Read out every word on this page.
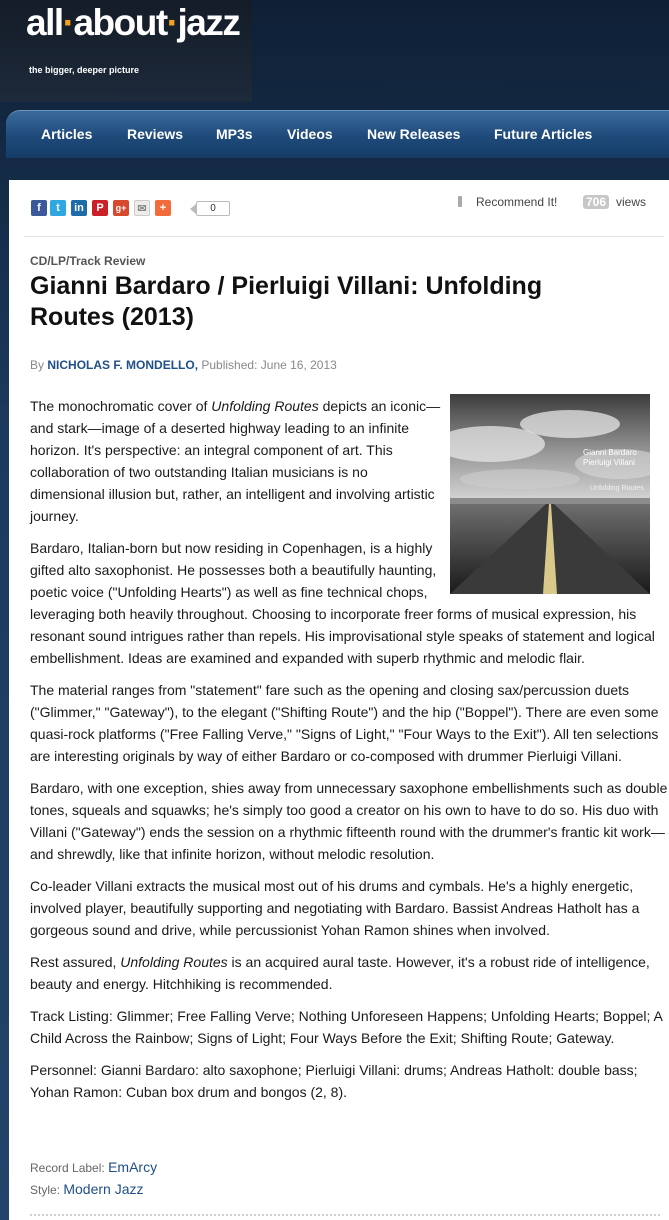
all·about·jazz
the bigger, deeper picture
Articles Reviews MP3s Videos New Releases Future Articles
f	t	in	P	g+	✉	+	0	Recommend It! 706 views
CD/LP/Track Review
Gianni Bardaro / Pierluigi Villani: Unfolding Routes (2013)
By NICHOLAS F. MONDELLO, Published: June 16, 2013
Gianni Bardaro
Pierluigi Villani
Unfolding Routes

The monochromatic cover of Unfolding Routes depicts an iconic—and stark—image of a deserted highway leading to an infinite horizon. It's perspective: an integral component of art. This collaboration of two outstanding Italian musicians is no dimensional illusion but, rather, an intelligent and involving artistic journey.

Bardaro, Italian-born but now residing in Copenhagen, is a highly gifted alto saxophonist. He possesses both a beautifully haunting, poetic voice ("Unfolding Hearts") as well as fine technical chops,
leveraging both heavily throughout. Choosing to incorporate freer forms of musical expression, his resonant sound intrigues rather than repels. His improvisational style speaks of statement and logical embellishment. Ideas are examined and expanded with superb rhythmic and melodic flair.

The material ranges from "statement" fare such as the opening and closing sax/percussion duets ("Glimmer," "Gateway"), to the elegant ("Shifting Route") and the hip ("Boppel"). There are even some quasi-rock platforms ("Free Falling Verve," "Signs of Light," "Four Ways to the Exit"). All ten selections are interesting originals by way of either Bardaro or co-composed with drummer Pierluigi Villani.

Bardaro, with one exception, shies away from unnecessary saxophone embellishments such as double tones, squeals and squawks; he's simply too good a creator on his own to have to do so. His duo with Villani ("Gateway") ends the session on a rhythmic fifteenth round with the drummer's frantic kit work—and shrewdly, like that infinite horizon, without melodic resolution.

Co-leader Villani extracts the musical most out of his drums and cymbals. He's a highly energetic, involved player, beautifully supporting and negotiating with Bardaro. Bassist Andreas Hatholt has a gorgeous sound and drive, while percussionist Yohan Ramon shines when involved.

Rest assured, Unfolding Routes is an acquired aural taste. However, it's a robust ride of intelligence, beauty and energy. Hitchhiking is recommended.

Track Listing: Glimmer; Free Falling Verve; Nothing Unforeseen Happens; Unfolding Hearts; Boppel; A Child Across the Rainbow; Signs of Light; Four Ways Before the Exit; Shifting Route; Gateway.

Personnel: Gianni Bardaro: alto saxophone; Pierluigi Villani: drums; Andreas Hatholt: double bass; Yohan Ramon: Cuban box drum and bongos (2, 8).

Record Label: EmArcy
Style: Modern Jazz
